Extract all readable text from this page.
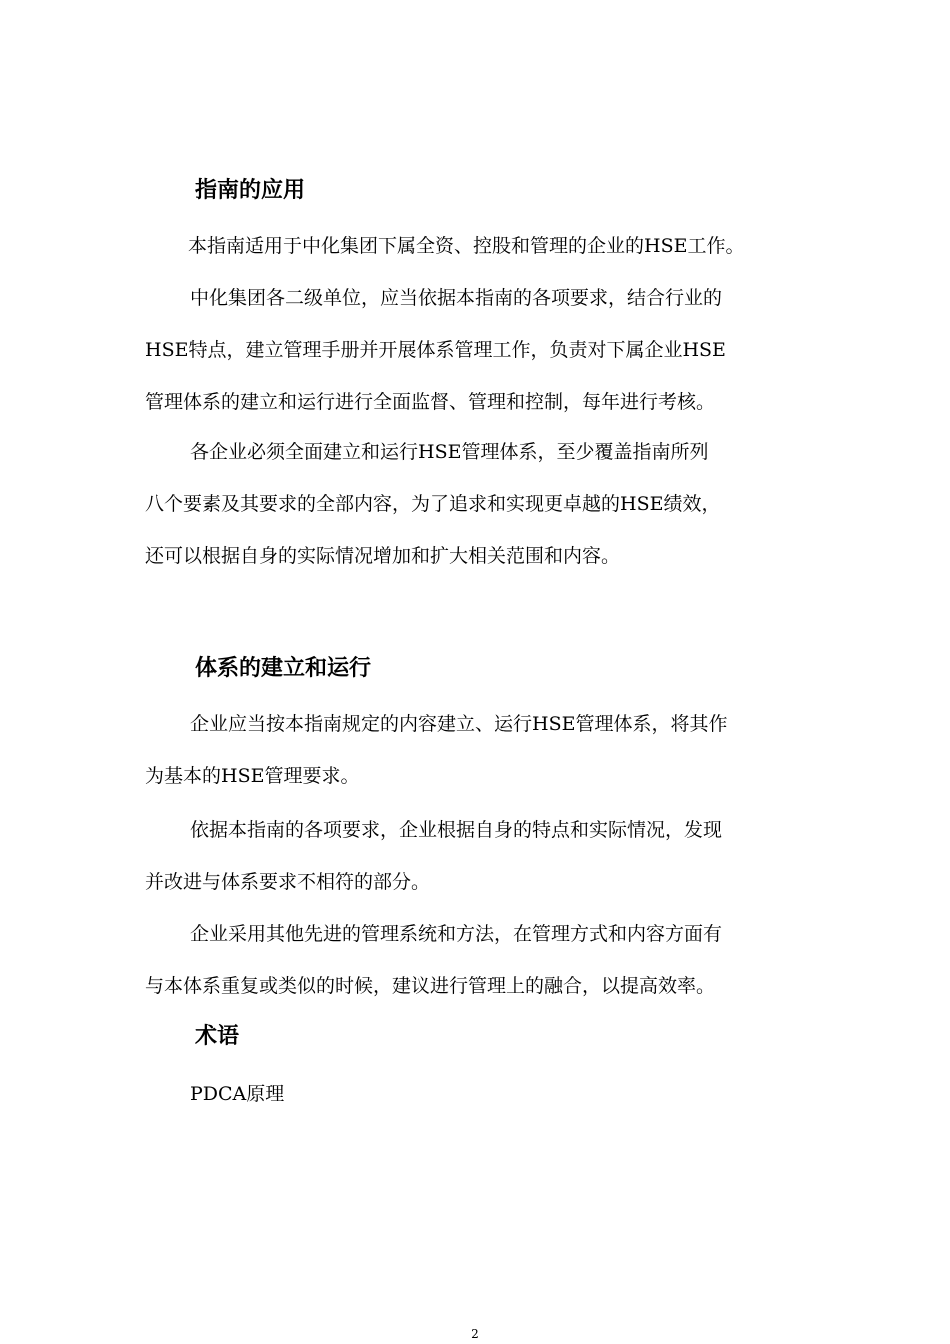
指南的应用
本指南适用于中化集团下属全资、控股和管理的企业的HSE工作。
中化集团各二级单位，应当依据本指南的各项要求，结合行业的
HSE特点，建立管理手册并开展体系管理工作，负责对下属企业HSE
管理体系的建立和运行进行全面监督、管理和控制，每年进行考核。
各企业必须全面建立和运行HSE管理体系，至少覆盖指南所列
八个要素及其要求的全部内容，为了追求和实现更卓越的HSE绩效，
还可以根据自身的实际情况增加和扩大相关范围和内容。
体系的建立和运行
企业应当按本指南规定的内容建立、运行HSE管理体系，将其作
为基本的HSE管理要求。
依据本指南的各项要求，企业根据自身的特点和实际情况，发现
并改进与体系要求不相符的部分。
企业采用其他先进的管理系统和方法，在管理方式和内容方面有
与本体系重复或类似的时候，建议进行管理上的融合，以提高效率。
术语
PDCA原理
2
